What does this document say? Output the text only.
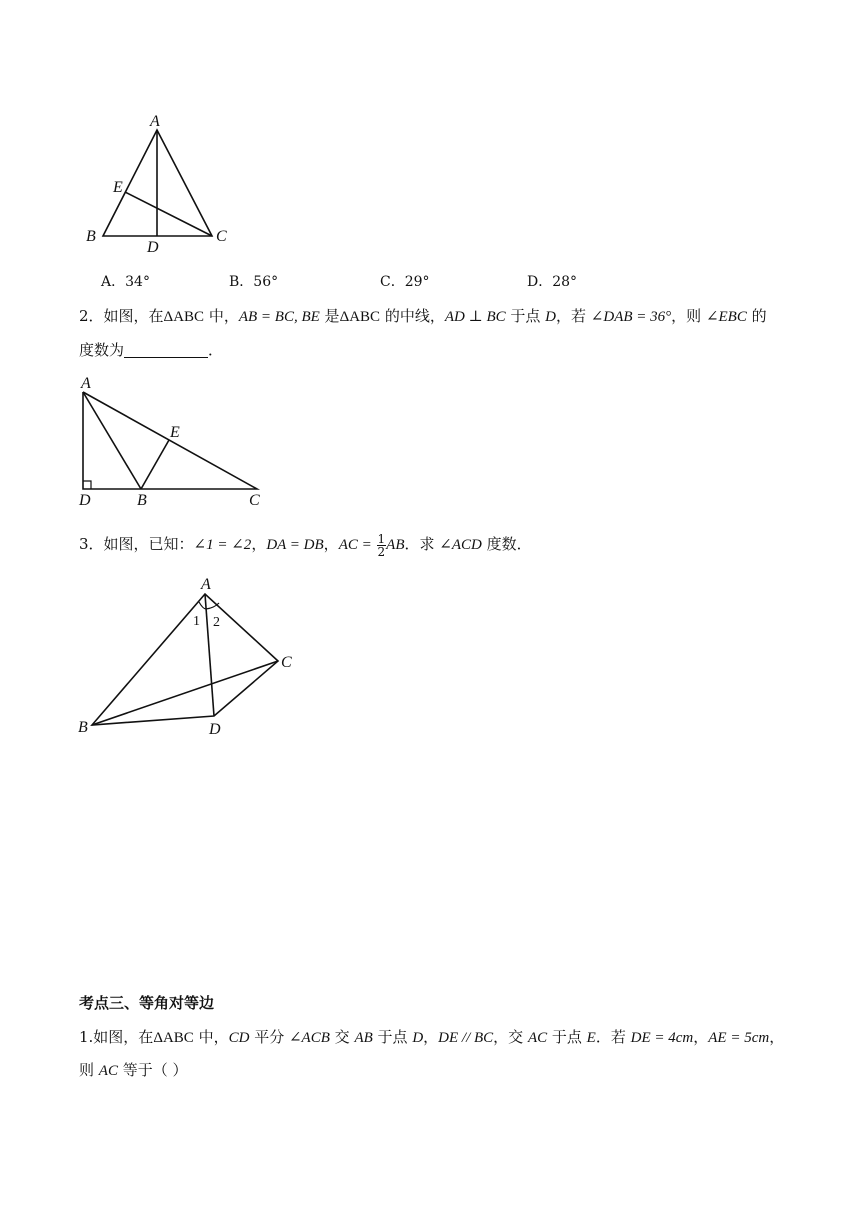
A
E
B
D
C
A．34°	B．56°	C．29°	D．28°
2．如图，在ΔABC 中，AB = BC, BE 是ΔABC 的中线，AD ⊥ BC 于点 D，若 ∠DAB = 36°，则 ∠EBC 的
度数为	．
A
E
D	B	C
3．如图，已知：∠1 = ∠2，DA = DB，AC = $\frac{1}{2}$ AB．求 ∠ACD 度数．
A
1 2
C
B	D
考点三、等角对等边
1.如图，在ΔABC 中，CD 平分 ∠ACB 交 AB 于点 D，DE // BC，交 AC 于点 E．若 DE = 4cm，AE = 5cm，
则 AC 等于（ ）
